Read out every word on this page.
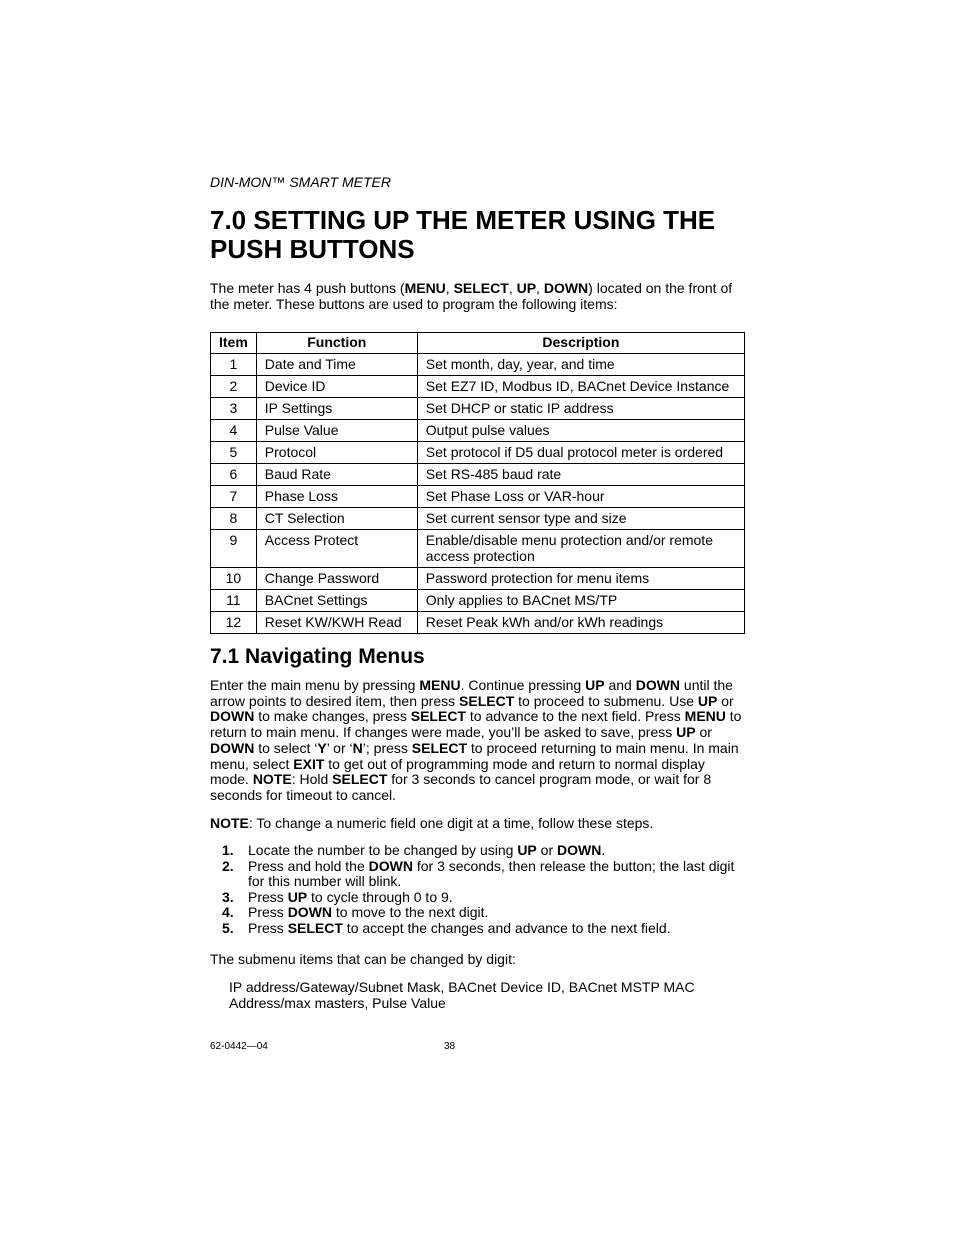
DIN-MON™ SMART METER
7.0 SETTING UP THE METER USING THE
PUSH BUTTONS

The meter has 4 push buttons (MENU, SELECT, UP, DOWN) located on the front of the meter. These buttons are used to program the following items:

Item	Function	Description
1	Date and Time	Set month, day, year, and time
2	Device ID	Set EZ7 ID, Modbus ID, BACnet Device Instance
3	IP Settings	Set DHCP or static IP address
4	Pulse Value	Output pulse values
5	Protocol	Set protocol if D5 dual protocol meter is ordered
6	Baud Rate	Set RS-485 baud rate
7	Phase Loss	Set Phase Loss or VAR-hour
8	CT Selection	Set current sensor type and size
9	Access Protect	Enable/disable menu protection and/or remote access protection
10	Change Password	Password protection for menu items
11	BACnet Settings	Only applies to BACnet MS/TP
12	Reset KW/KWH Read	Reset Peak kWh and/or kWh readings
7.1 Navigating Menus

Enter the main menu by pressing MENU. Continue pressing UP and DOWN until the arrow points to desired item, then press SELECT to proceed to submenu. Use UP or DOWN to make changes, press SELECT to advance to the next field. Press MENU to return to main menu. If changes were made, you’ll be asked to save, press UP or DOWN to select ‘Y’ or ‘N’; press SELECT to proceed returning to main menu. In main menu, select EXIT to get out of programming mode and return to normal display mode. NOTE: Hold SELECT for 3 seconds to cancel program mode, or wait for 8 seconds for timeout to cancel.

NOTE: To change a numeric field one digit at a time, follow these steps.

1. Locate the number to be changed by using UP or DOWN.
2. Press and hold the DOWN for 3 seconds, then release the button; the last digit for this number will blink.
3. Press UP to cycle through 0 to 9.
4. Press DOWN to move to the next digit.
5. Press SELECT to accept the changes and advance to the next field.

The submenu items that can be changed by digit:

IP address/Gateway/Subnet Mask, BACnet Device ID, BACnet MSTP MAC Address/max masters, Pulse Value

62-0442—04	38
